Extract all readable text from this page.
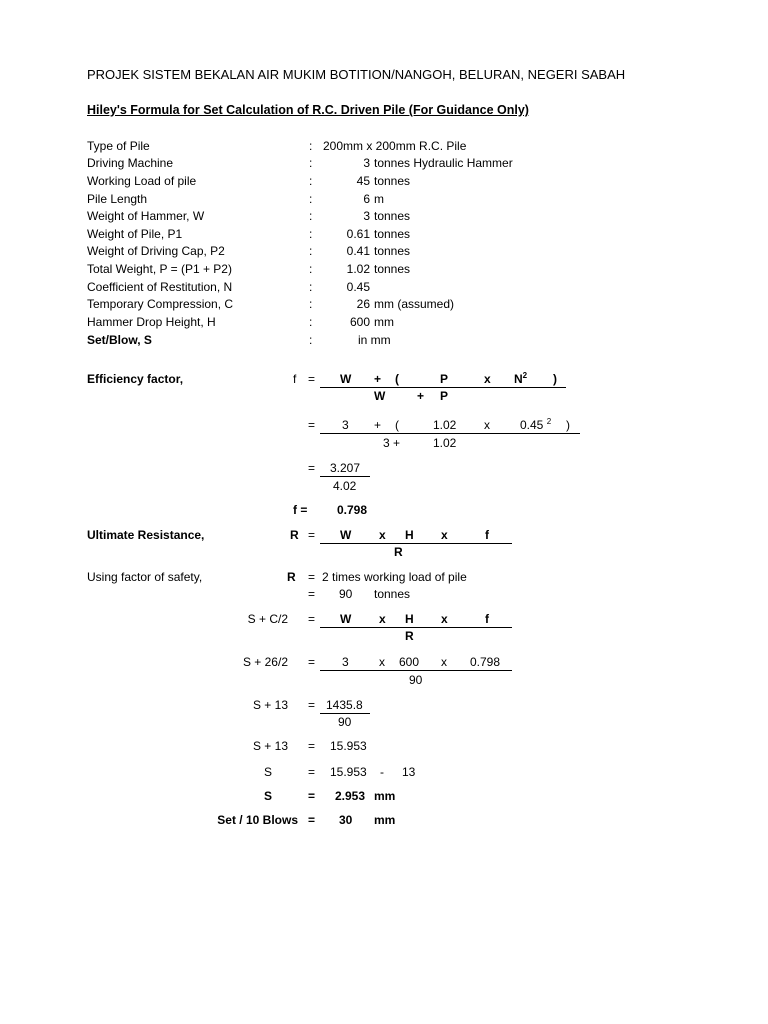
PROJEK SISTEM BEKALAN AIR MUKIM BOTITION/NANGOH, BELURAN, NEGERI SABAH
Hiley's Formula for Set Calculation of R.C. Driven Pile (For Guidance Only)
Type of Pile	: 200mm x 200mm R.C. Pile
Driving Machine	:	3 tonnes Hydraulic Hammer
Working Load of pile	:	45 tonnes
Pile Length	:	6 m
Weight of Hammer, W	:	3 tonnes
Weight of Pile, P1	:	0.61 tonnes
Weight of Driving Cap, P2	:	0.41 tonnes
Total Weight, P = (P1 + P2)	:	1.02 tonnes
Coefficient of Restitution, N	:	0.45
Temporary Compression, C	:	26 mm (assumed)
Hammer Drop Height, H	:	600 mm
Set/Blow, S	:	in mm
Efficiency factor,	f = W + (	P	x $N^2$ )
W	+ P
= 3 + (	1.02 x	0.45 $^2$ )
3 +	1.02
= 3.207
4.02
f = 0.798
Ultimate Resistance,	R = W x H x	f
R
Using factor of safety,	R = 2 times working load of pile
= 90 tonnes
S + C/2 = W x H x	f
R
S + 26/2 = 3	x 600 x 0.798
90
S + 13 = 1435.8
90
S + 13 = 15.953
S	= 15.953 - 13
S	= 2.953 mm
Set / 10 Blows = 30 mm
